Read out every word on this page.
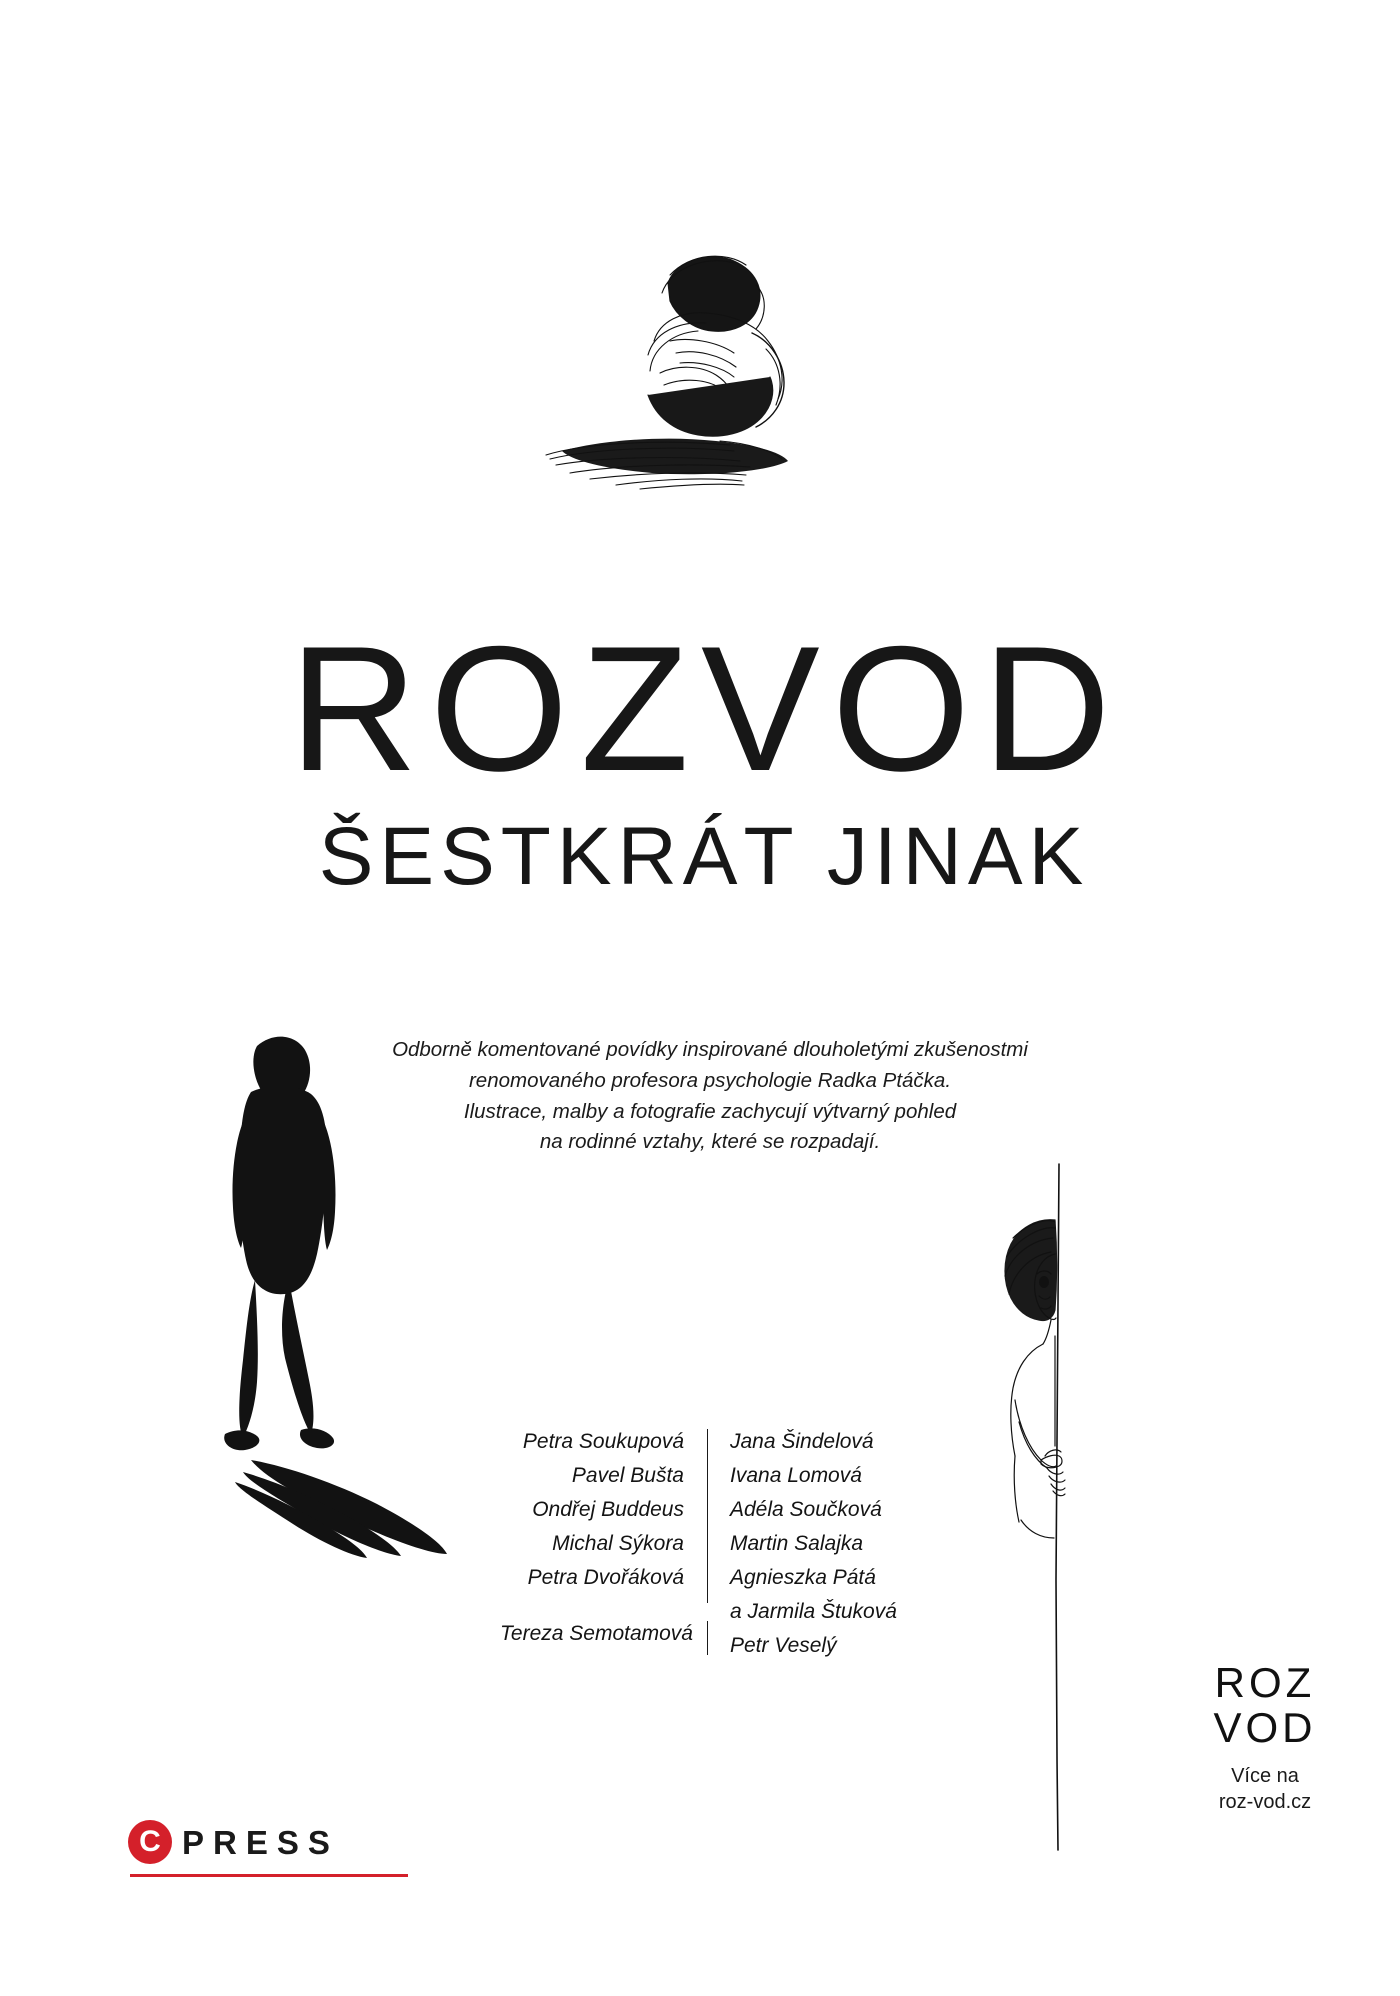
ROZVOD
ŠESTKRÁT JINAK

Odborně komentované povídky inspirované dlouholetými zkušenostmi

renomovaného profesora psychologie Radka Ptáčka.

Ilustrace, malby a fotografie zachycují výtvarný pohled

na rodinné vztahy, které se rozpadají.

Petra Soukupová
Pavel Bušta
Ondřej Buddeus
Michal Sýkora
Petra Dvořáková
Tereza Semotamová
Jana Šindelová
Ivana Lomová
Adéla Součková
Martin Salajka
Agnieszka Pátá
a Jarmila Štuková
Petr Veselý
C PRESS
ROZ
VOD
Více na
roz-vod.cz
